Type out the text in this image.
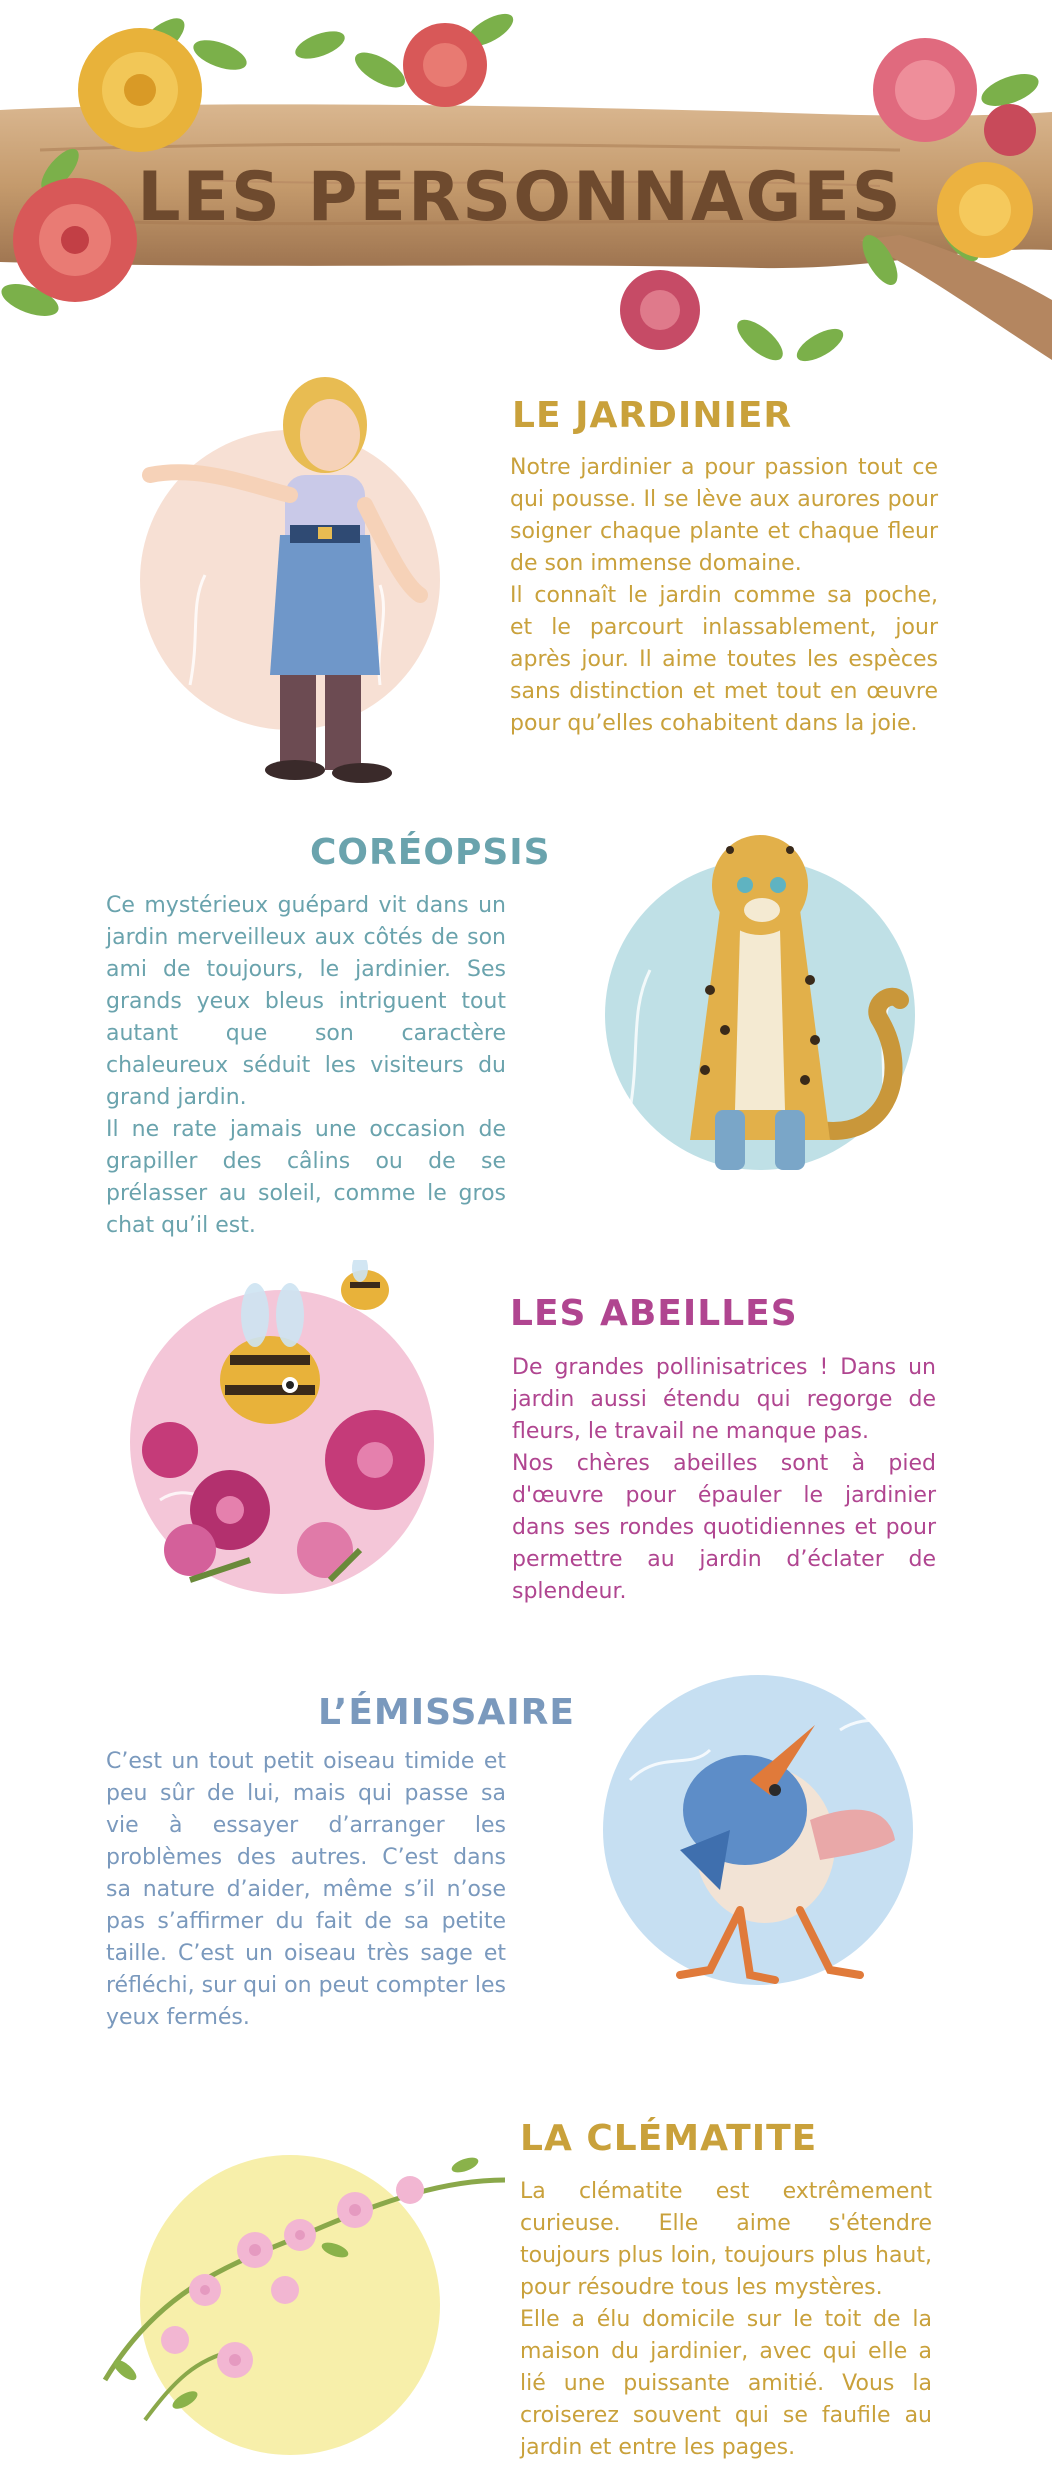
LES PERSONNAGES
LE JARDINIER

Notre jardinier a pour passion tout ce qui pousse. Il se lève aux aurores pour soigner chaque plante et chaque fleur de son immense domaine.

Il connaît le jardin comme sa poche, et le parcourt inlassablement, jour après jour. Il aime toutes les espèces sans distinction et met tout en œuvre pour qu’elles cohabitent dans la joie.

CORÉOPSIS

Ce mystérieux guépard vit dans un jardin merveilleux aux côtés de son ami de toujours, le jardinier. Ses grands yeux bleus intriguent tout autant que son caractère chaleureux séduit les visiteurs du grand jardin.

Il ne rate jamais une occasion de grapiller des câlins ou de se prélasser au soleil, comme le gros chat qu’il est.

LES ABEILLES

De grandes pollinisatrices ! Dans un jardin aussi étendu qui regorge de fleurs, le travail ne manque pas.

Nos chères abeilles sont à pied d'œuvre pour épauler le jardinier dans ses rondes quotidiennes et pour permettre au jardin d’éclater de splendeur.

L’ÉMISSAIRE

C’est un tout petit oiseau timide et peu sûr de lui, mais qui passe sa vie à essayer d’arranger les problèmes des autres. C’est dans sa nature d’aider, même s’il n’ose pas s’affirmer du fait de sa petite taille. C’est un oiseau très sage et réfléchi, sur qui on peut compter les yeux fermés.

LA CLÉMATITE

La clématite est extrêmement curieuse. Elle aime s'étendre toujours plus loin, toujours plus haut, pour résoudre tous les mystères.

Elle a élu domicile sur le toit de la maison du jardinier, avec qui elle a lié une puissante amitié. Vous la croiserez souvent qui se faufile au jardin et entre les pages.
